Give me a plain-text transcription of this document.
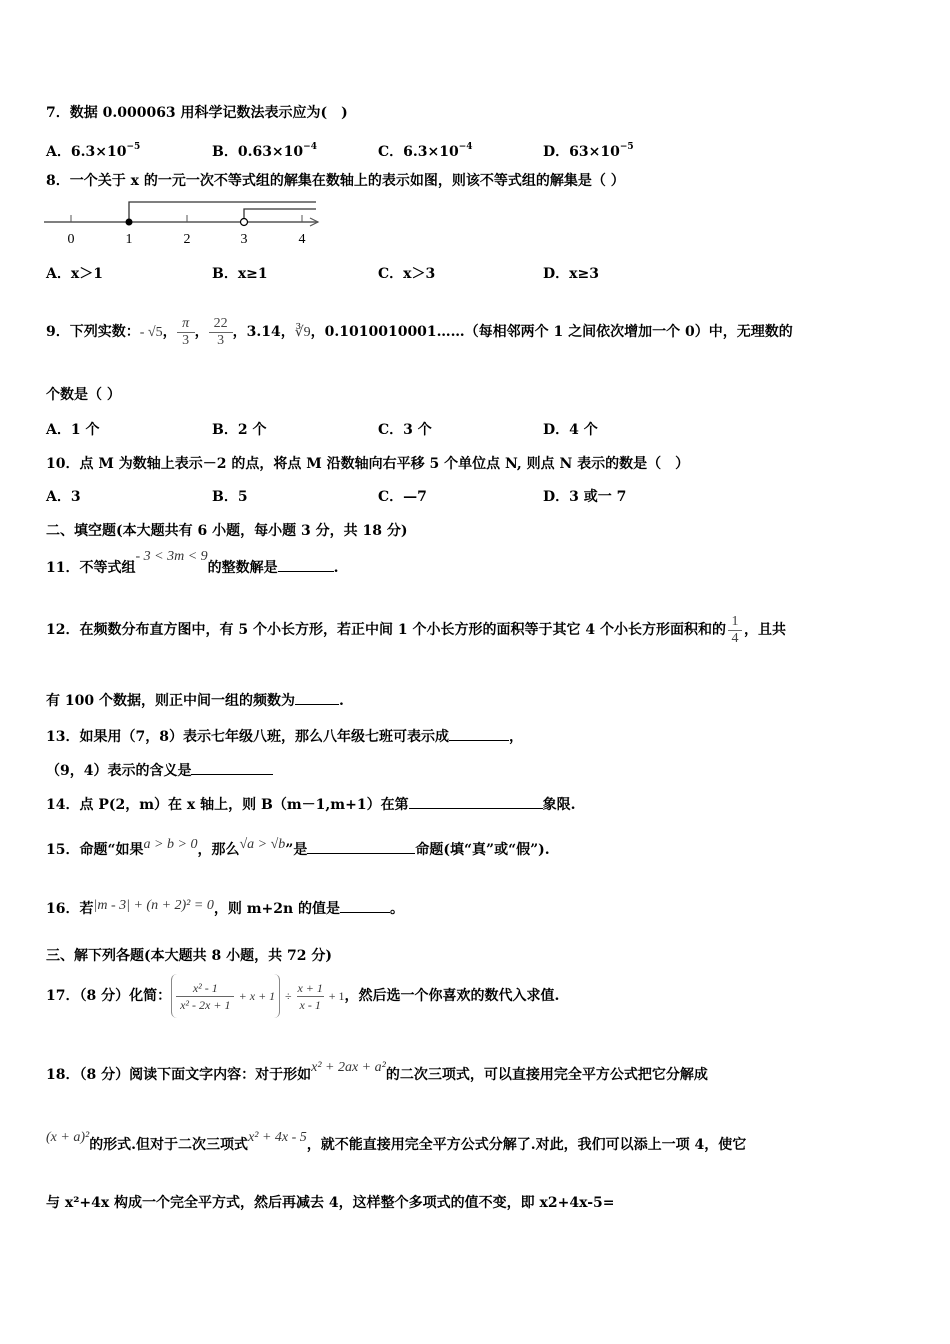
7．数据 0.000063 用科学记数法表示应为(　)
A．$6.3\times 10^{-5}$	B．$0.63\times 10^{-4}$	C．$6.3\times 10^{-4}$	D．$63\times 10^{-5}$
8．一个关于 x 的一元一次不等式组的解集在数轴上的表示如图，则该不等式组的解集是（ ）
0	1	2	3	4
A．x＞1	B．x≥1	C．x＞3	D．x≥3
9．下列实数：- √5， $\frac{\pi}{3}$ ， $\frac{22}{3}$ ，3.14，∛9，0.1010010001……（每相邻两个 1 之间依次增加一个 0）中，无理数的
个数是（ ）
A．1 个	B．2 个	C．3 个	D．4 个
10．点 M 为数轴上表示－2 的点，将点 M 沿数轴向右平移 5 个单位点 N, 则点 N 表示的数是（　）
A．3	B．5	C．—7	D．3 或一 7
二、填空题(本大题共有 6 小题，每小题 3 分，共 18 分)
11．不等式组- 3 < 3m < 9的整数解是	.
12．在频数分布直方图中，有 5 个小长方形，若正中间 1 个小长方形的面积等于其它 4 个小长方形面积和的 $\frac{1}{4}$ ，且共
有 100 个数据，则正中间一组的频数为	.
13．如果用（7，8）表示七年级八班，那么八年级七班可表示成	，
（9，4）表示的含义是
14．点 P(2，m）在 x 轴上，则 B（m－1,m+1）在第	象限.
15．命题“如果a > b > 0，那么√a > √b”是	命题(填“真”或“假”).
16．若|m - 3| + (n + 2)² = 0，则 m+2n 的值是	。
三、解下列各题(本大题共 8 小题，共 72 分)
17．（8 分）化简： $\frac{\text{x² - 1}}{\text{x² - 2x + 1}} + x + 1 \div \frac{x + 1}{x - 1} + 1$，然后选一个你喜欢的数代入求值.
18．（8 分）阅读下面文字内容：对于形如x² + 2ax + a²的二次三项式，可以直接用完全平方公式把它分解成
(x + a)²的形式.但对于二次三项式x² + 4x - 5，就不能直接用完全平方公式分解了.对此，我们可以添上一项 4，使它
与 x²+4x 构成一个完全平方式，然后再减去 4，这样整个多项式的值不变，即 x2+4x-5=
